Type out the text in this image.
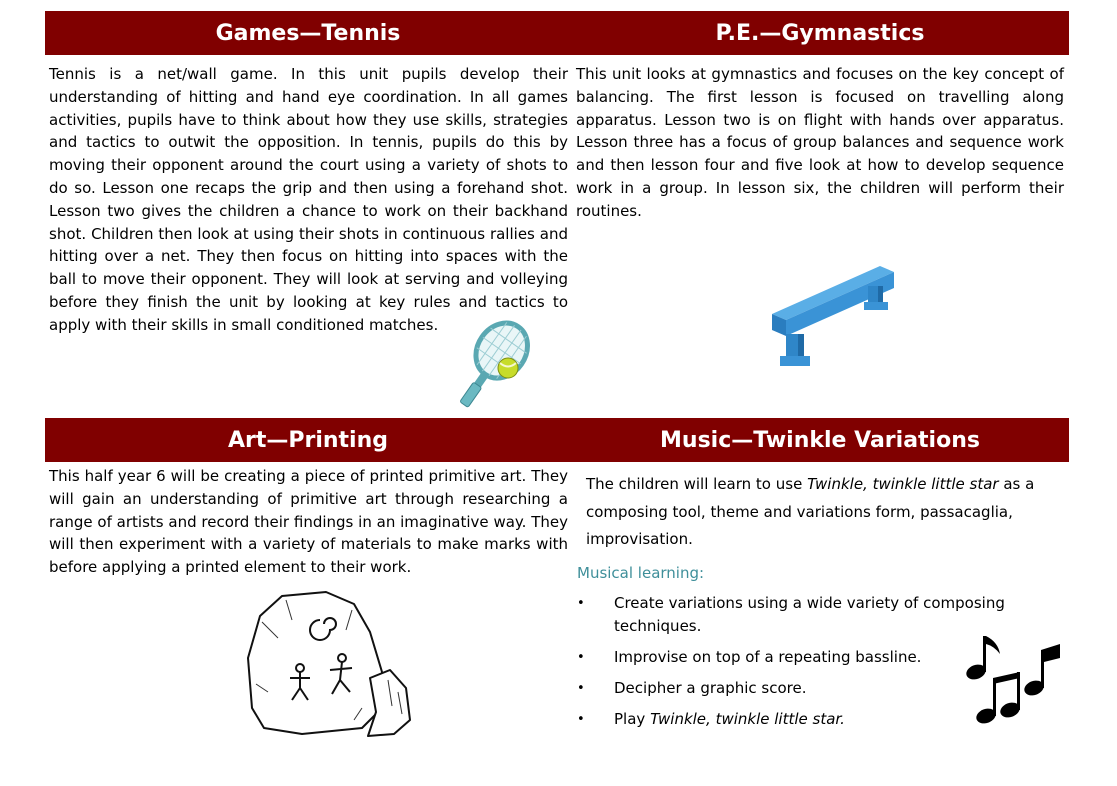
Games—Tennis
Tennis is a net/wall game. In this unit pupils develop their understanding of hitting and hand eye coordination. In all games activities, pupils have to think about how they use skills, strategies and tactics to outwit the opposition. In tennis, pupils do this by moving their opponent around the court using a variety of shots to do so. Lesson one recaps the grip and then using a forehand shot. Lesson two gives the children a chance to work on their backhand shot. Children then look at using their shots in continuous rallies and hitting over a net. They then focus on hitting into spaces with the ball to move their opponent. They will look at serving and volleying before they finish the unit by looking at key rules and tactics to apply with their skills in small conditioned matches.
P.E.—Gymnastics
This unit looks at gymnastics and focuses on the key concept of balancing. The first lesson is focused on travelling along apparatus. Lesson two is on flight with hands over apparatus. Lesson three has a focus of group balances and sequence work and then lesson four and five look at how to develop sequence work in a group. In lesson six, the children will perform their routines.
Art—Printing
This half year 6 will be creating a piece of printed primitive art. They will gain an understanding of primitive art through researching a range of artists and record their findings in an imaginative way. They will then experiment with a variety of materials to make marks with before applying a printed element to their work.
Music—Twinkle Variations
The children will learn to use Twinkle, twinkle little star as a composing tool, theme and variations form, passacaglia, improvisation.
Musical learning:
• Create variations using a wide variety of composing techniques.
• Improvise on top of a repeating bassline.
• Decipher a graphic score.
• Play Twinkle, twinkle little star.
